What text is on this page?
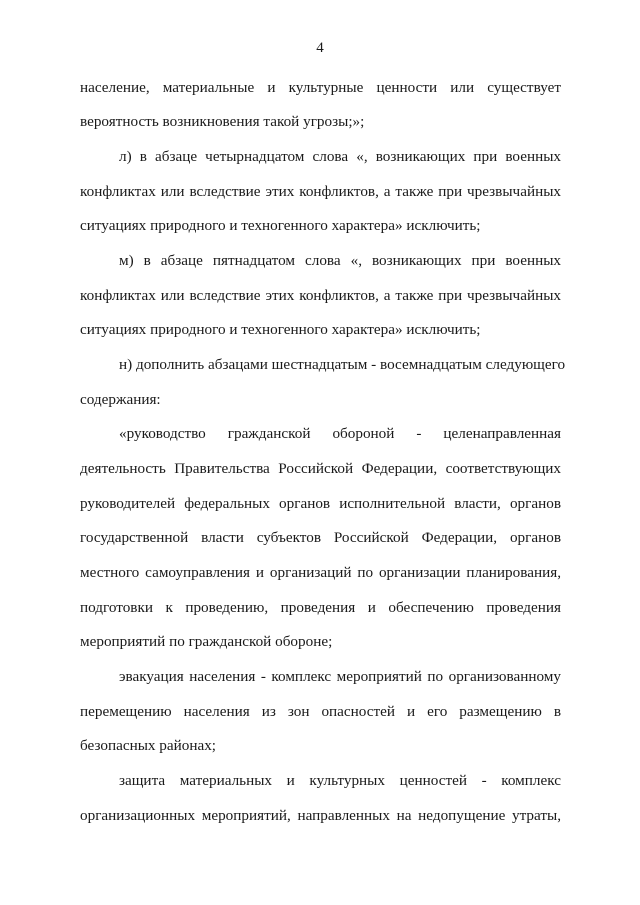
4
население, материальные и культурные ценности или существует
вероятность возникновения такой угрозы;»;
л) в абзаце четырнадцатом слова «, возникающих при военных
конфликтах или вследствие этих конфликтов, а также при чрезвычайных
ситуациях природного и техногенного характера» исключить;
м) в абзаце пятнадцатом слова «, возникающих при военных
конфликтах или вследствие этих конфликтов, а также при чрезвычайных
ситуациях природного и техногенного характера» исключить;
н) дополнить абзацами шестнадцатым - восемнадцатым следующего
содержания:
«руководство гражданской обороной - целенаправленная
деятельность Правительства Российской Федерации, соответствующих
руководителей федеральных органов исполнительной власти, органов
государственной власти субъектов Российской Федерации, органов
местного самоуправления и организаций по организации планирования,
подготовки к проведению, проведения и обеспечению проведения
мероприятий по гражданской обороне;
эвакуация населения - комплекс мероприятий по организованному
перемещению населения из зон опасностей и его размещению в
безопасных районах;
защита материальных и культурных ценностей - комплекс
организационных мероприятий, направленных на недопущение утраты,
